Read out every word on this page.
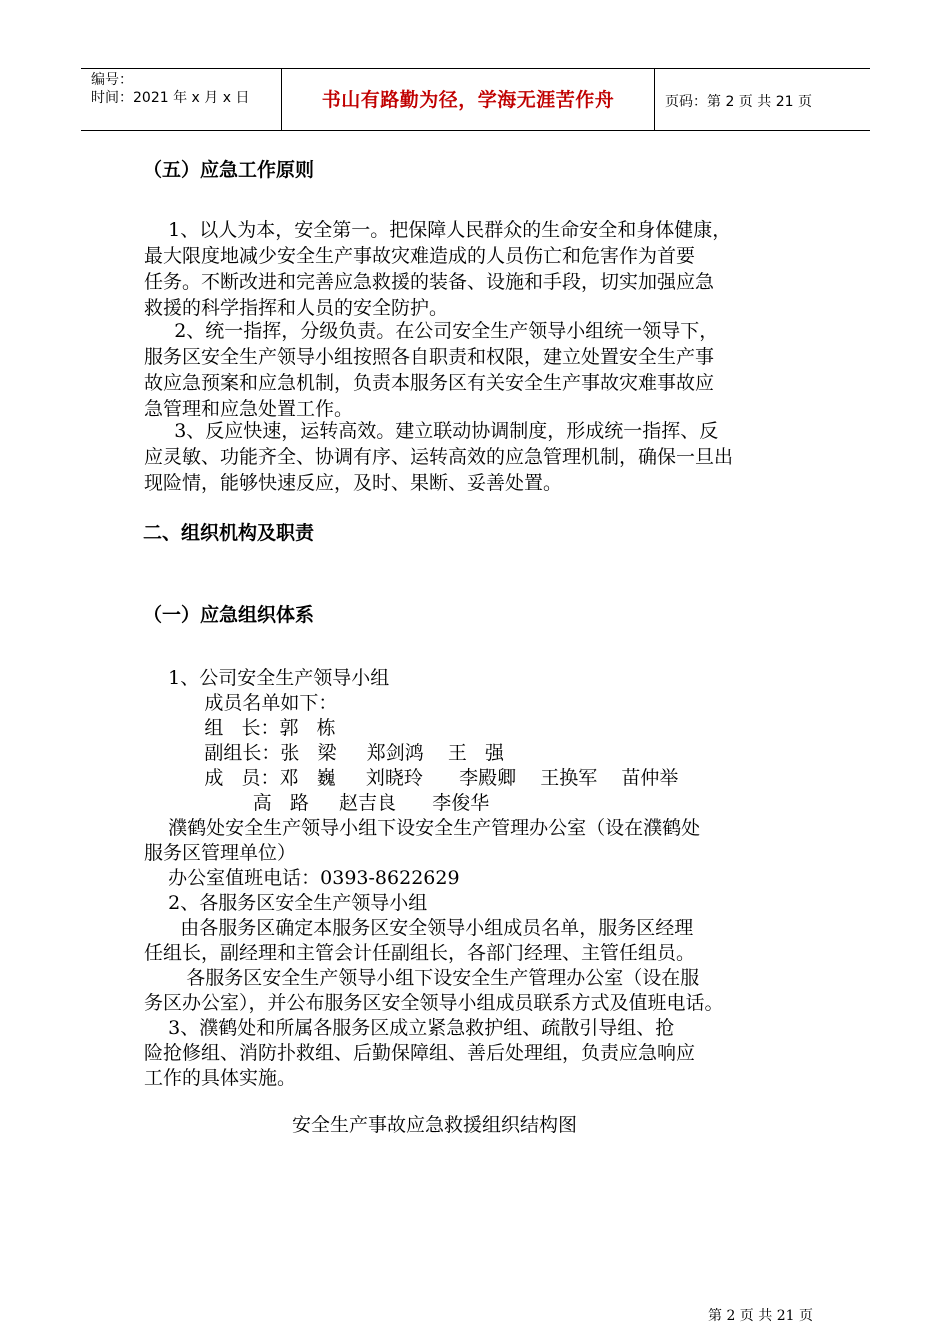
编号：
时间：2021 年 x 月 x 日	书山有路勤为径，学海无涯苦作舟	页码：第 2 页 共 21 页
（五）应急工作原则
1、以人为本，安全第一。把保障人民群众的生命安全和身体健康，
最大限度地减少安全生产事故灾难造成的人员伤亡和危害作为首要
任务。不断改进和完善应急救援的装备、设施和手段，切实加强应急
救援的科学指挥和人员的安全防护。
2、统一指挥，分级负责。在公司安全生产领导小组统一领导下，
服务区安全生产领导小组按照各自职责和权限，建立处置安全生产事
故应急预案和应急机制，负责本服务区有关安全生产事故灾难事故应
急管理和应急处置工作。
3、反应快速，运转高效。建立联动协调制度，形成统一指挥、反
应灵敏、功能齐全、协调有序、运转高效的应急管理机制，确保一旦出
现险情，能够快速反应，及时、果断、妥善处置。
二、组织机构及职责
（一）应急组织体系
1、公司安全生产领导小组
成员名单如下：
组   长：郭   栋
副组长：张   梁     郑剑鸿    王   强
成   员：邓   巍     刘晓玲      李殿卿    王换军    苗仲举
高   路     赵吉良      李俊华
濮鹤处安全生产领导小组下设安全生产管理办公室（设在濮鹤处
服务区管理单位）
办公室值班电话：0393-8622629
2、各服务区安全生产领导小组
由各服务区确定本服务区安全领导小组成员名单，服务区经理
任组长，副经理和主管会计任副组长，各部门经理、主管任组员。
各服务区安全生产领导小组下设安全生产管理办公室（设在服
务区办公室），并公布服务区安全领导小组成员联系方式及值班电话。
3、濮鹤处和所属各服务区成立紧急救护组、疏散引导组、抢
险抢修组、消防扑救组、后勤保障组、善后处理组，负责应急响应
工作的具体实施。
安全生产事故应急救援组织结构图
第 2 页 共 21 页
